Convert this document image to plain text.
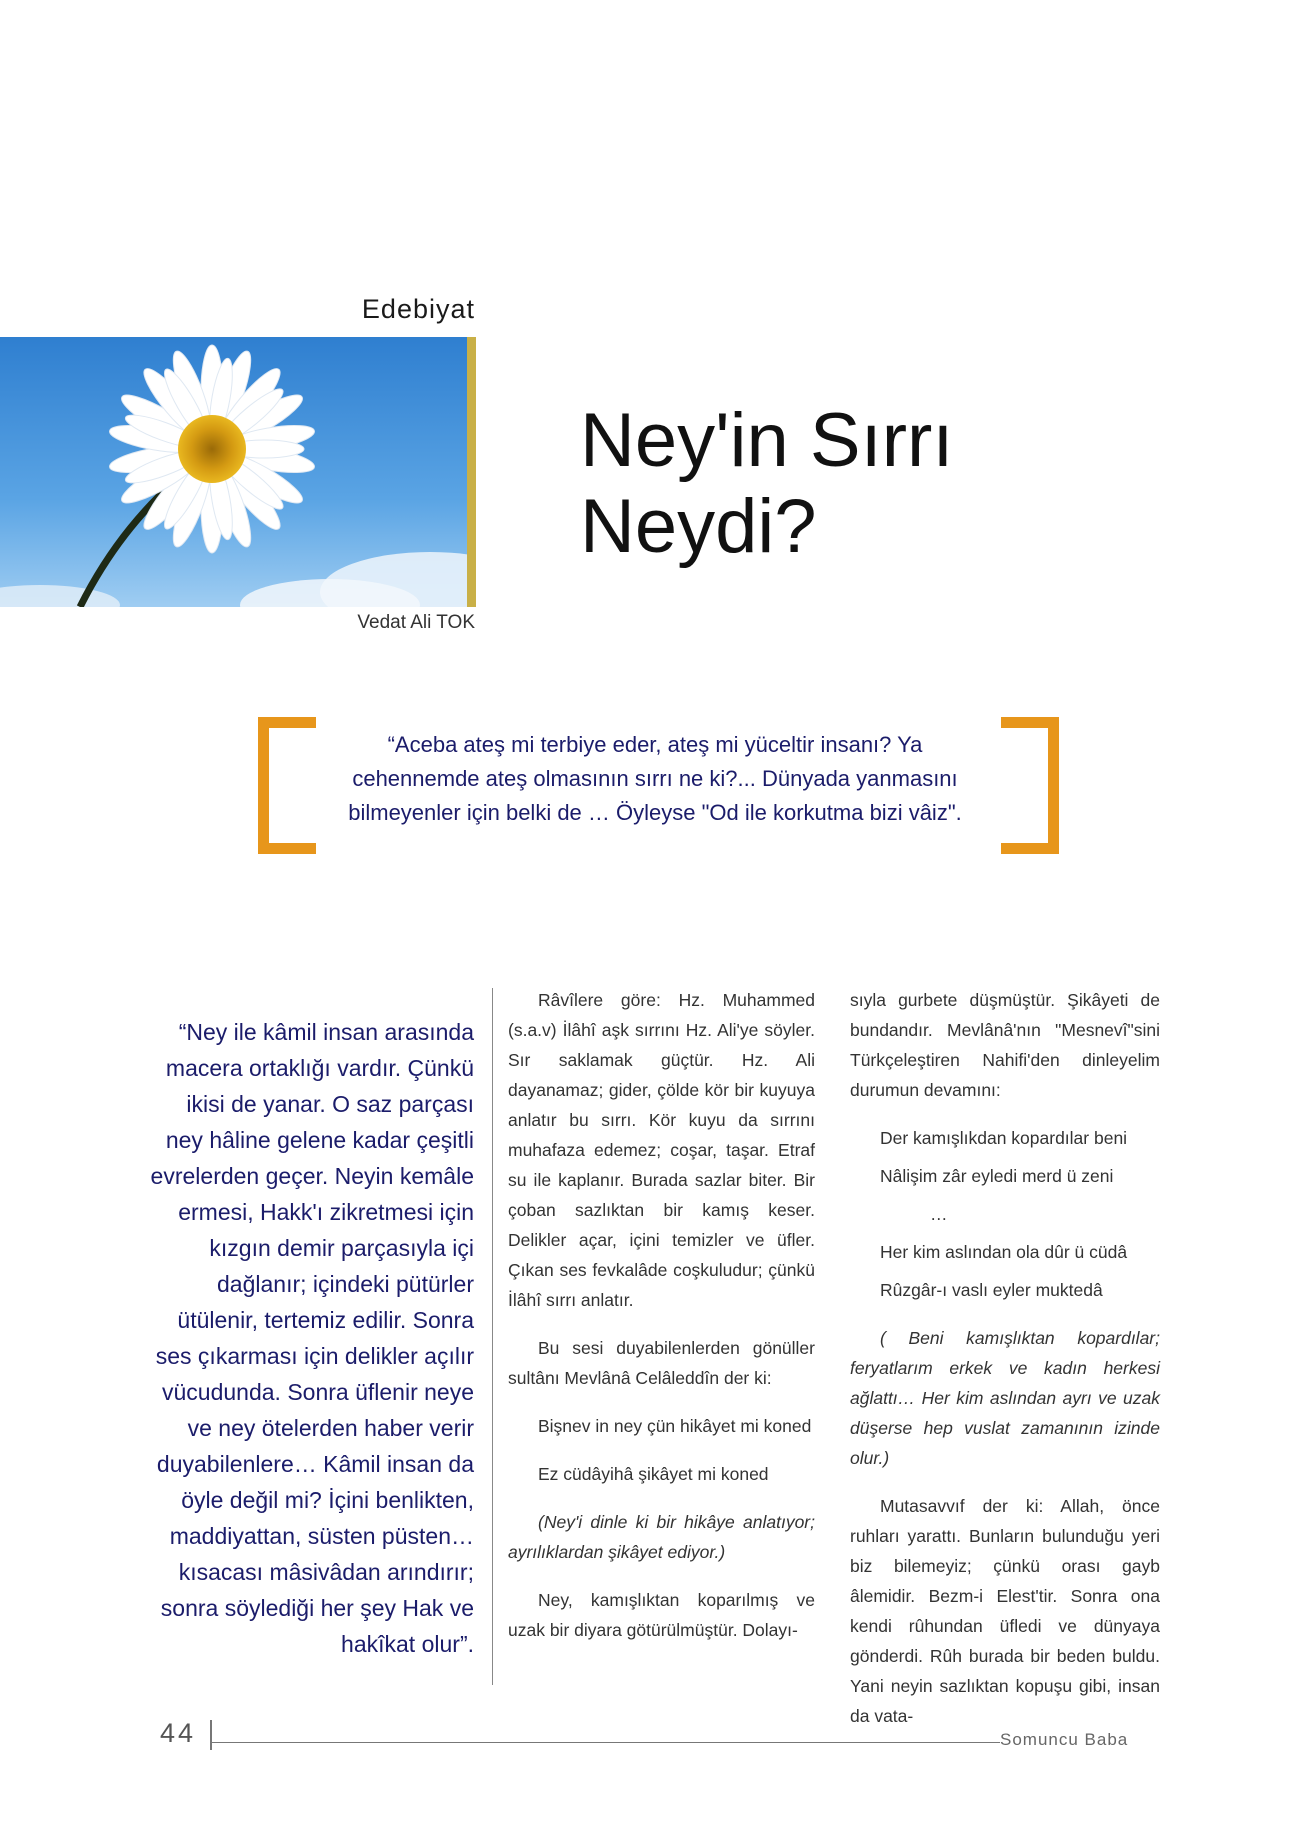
Edebiyat
Vedat Ali TOK
Ney'in Sırrı
Neydi?
“Aceba ateş mi terbiye eder, ateş mi yüceltir insanı? Ya cehennemde ateş olmasının sırrı ne ki?... Dünyada yanmasını bilmeyenler için belki de … Öyleyse "Od ile korkutma bizi vâiz".
“Ney ile kâmil insan arasında macera ortaklığı vardır. Çünkü ikisi de yanar. O saz parçası ney hâline gelene kadar çeşitli evrelerden geçer. Neyin kemâle ermesi, Hakk'ı zikretmesi için kızgın demir parçasıyla içi dağlanır; içindeki pütürler ütülenir, tertemiz edilir. Sonra ses çıkarması için delikler açılır vücudunda. Sonra üflenir neye ve ney ötelerden haber verir duyabilenlere… Kâmil insan da öyle değil mi? İçini benlikten, maddiyattan, süsten püsten… kısacası mâsivâdan arındırır; sonra söylediği her şey Hak ve hakîkat olur”.

Râvîlere göre: Hz. Muhammed (s.a.v) İlâhî aşk sırrını Hz. Ali'ye söyler. Sır saklamak güçtür. Hz. Ali dayanamaz; gider, çölde kör bir kuyuya anlatır bu sırrı. Kör kuyu da sırrını muhafaza edemez; coşar, taşar. Etraf su ile kaplanır. Burada sazlar biter. Bir çoban sazlıktan bir kamış keser. Delikler açar, içini temizler ve üfler. Çıkan ses fevkalâde coşkuludur; çünkü İlâhî sırrı anlatır.

Bu sesi duyabilenlerden gönüller sultânı Mevlânâ Celâleddîn der ki:

Bişnev in ney çün hikâyet mi koned

Ez cüdâyihâ şikâyet mi koned

(Ney'i dinle ki bir hikâye anlatıyor; ayrılıklardan şikâyet ediyor.)

Ney, kamışlıktan koparılmış ve uzak bir diyara götürülmüştür. Dolayı-

sıyla gurbete düşmüştür. Şikâyeti de bundandır. Mevlânâ'nın "Mesnevî"sini Türkçeleştiren Nahifi'den dinleyelim durumun devamını:

Der kamışlıkdan kopardılar beni

Nâlişim zâr eyledi merd ü zeni

…

Her kim aslından ola dûr ü cüdâ

Rûzgâr-ı vaslı eyler muktedâ

( Beni kamışlıktan kopardılar; feryatlarım erkek ve kadın herkesi ağlattı… Her kim aslından ayrı ve uzak düşerse hep vuslat zamanının izinde olur.)

Mutasavvıf der ki: Allah, önce ruhları yarattı. Bunların bulunduğu yeri biz bilemeyiz; çünkü orası gayb âlemidir. Bezm-i Elest'tir. Sonra ona kendi rûhundan üfledi ve dünyaya gönderdi. Rûh burada bir beden buldu. Yani neyin sazlıktan kopuşu gibi, insan da vata-

44	Somuncu Baba
